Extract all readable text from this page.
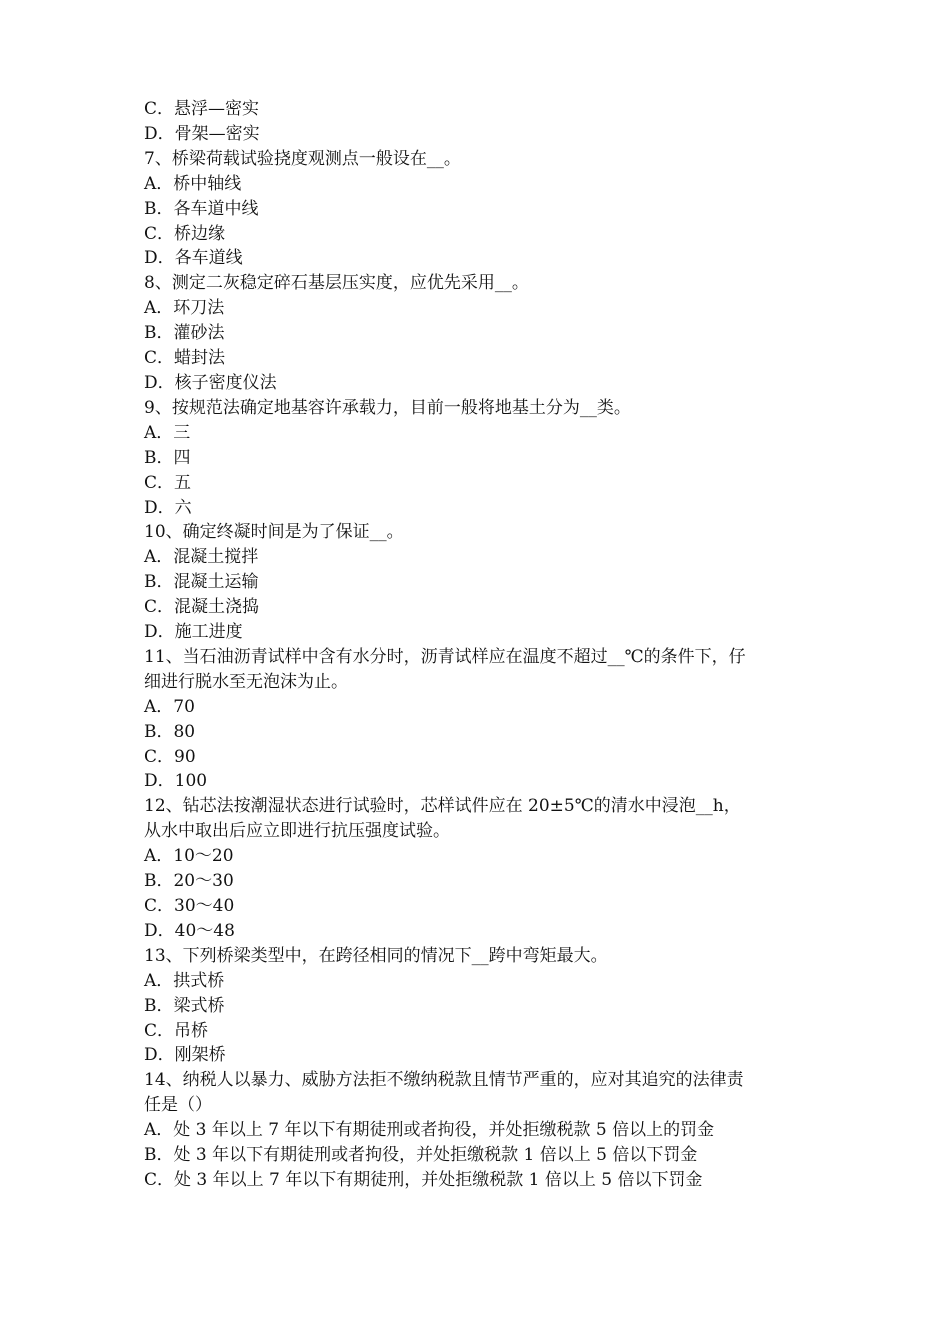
C．悬浮—密实
D．骨架—密实
7、桥梁荷载试验挠度观测点一般设在__。
A．桥中轴线
B．各车道中线
C．桥边缘
D．各车道线
8、测定二灰稳定碎石基层压实度，应优先采用__。
A．环刀法
B．灌砂法
C．蜡封法
D．核子密度仪法
9、按规范法确定地基容许承载力，目前一般将地基土分为__类。
A．三
B．四
C．五
D．六
10、确定终凝时间是为了保证__。
A．混凝土搅拌
B．混凝土运输
C．混凝土浇捣
D．施工进度
11、当石油沥青试样中含有水分时，沥青试样应在温度不超过__℃的条件下，仔
细进行脱水至无泡沫为止。
A．70
B．80
C．90
D．100
12、钻芯法按潮湿状态进行试验时，芯样试件应在 20±5℃的清水中浸泡__h，
从水中取出后应立即进行抗压强度试验。
A．10～20
B．20～30
C．30～40
D．40～48
13、下列桥梁类型中，在跨径相同的情况下__跨中弯矩最大。
A．拱式桥
B．梁式桥
C．吊桥
D．刚架桥
14、纳税人以暴力、威胁方法拒不缴纳税款且情节严重的，应对其追究的法律责
任是（）
A．处 3 年以上 7 年以下有期徒刑或者拘役，并处拒缴税款 5 倍以上的罚金
B．处 3 年以下有期徒刑或者拘役，并处拒缴税款 1 倍以上 5 倍以下罚金
C．处 3 年以上 7 年以下有期徒刑，并处拒缴税款 1 倍以上 5 倍以下罚金
